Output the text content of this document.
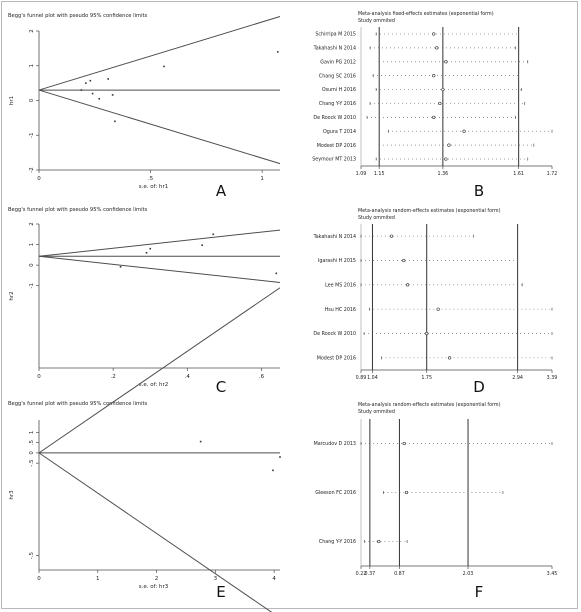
Begg's funnel plot with pseudo 95% confidence limits
-2
-1
0
1
2
0	.5	1
s.e. of: hr1
hr1
A
Meta-analysis fixed-effects estimates (exponential form)
Study ommited
1.09 1.15	1.36	1.61	1.72
Schirripa M 2015
Takahashi N 2014
Gavin PG 2012
Chang SC 2016
Osumi H 2016
Chang Y-Y 2016
De Roock W 2010
Ogura T 2014
Modest DP 2016
Seymour MT 2013
B
Begg's funnel plot with pseudo 95% confidence limits
-1
0
1
2
0	.2	.4	.6
s.e. of: hr2
hr2
C
Meta-analysis random-effects estimates (exponential form)
Study ommited
0.89 1.04	1.75	2.94	3.39
Takahashi N 2014
Igarashi H 2015
Lee MS 2016
Hsu HC 2016
De Roock W 2010
Modest DP 2016
D
Begg's funnel plot with pseudo 95% confidence limits
-.5
-.5
0
.5
1
0	1	2	3	4
s.e. of: hr3
hr3
E
Meta-analysis random-effects estimates (exponential form)
Study ommited
0.22
0.37	0.87	2.03	3.45
Marcudov D 2013
Gleeson FC 2016
Chang Y-Y 2016
F
